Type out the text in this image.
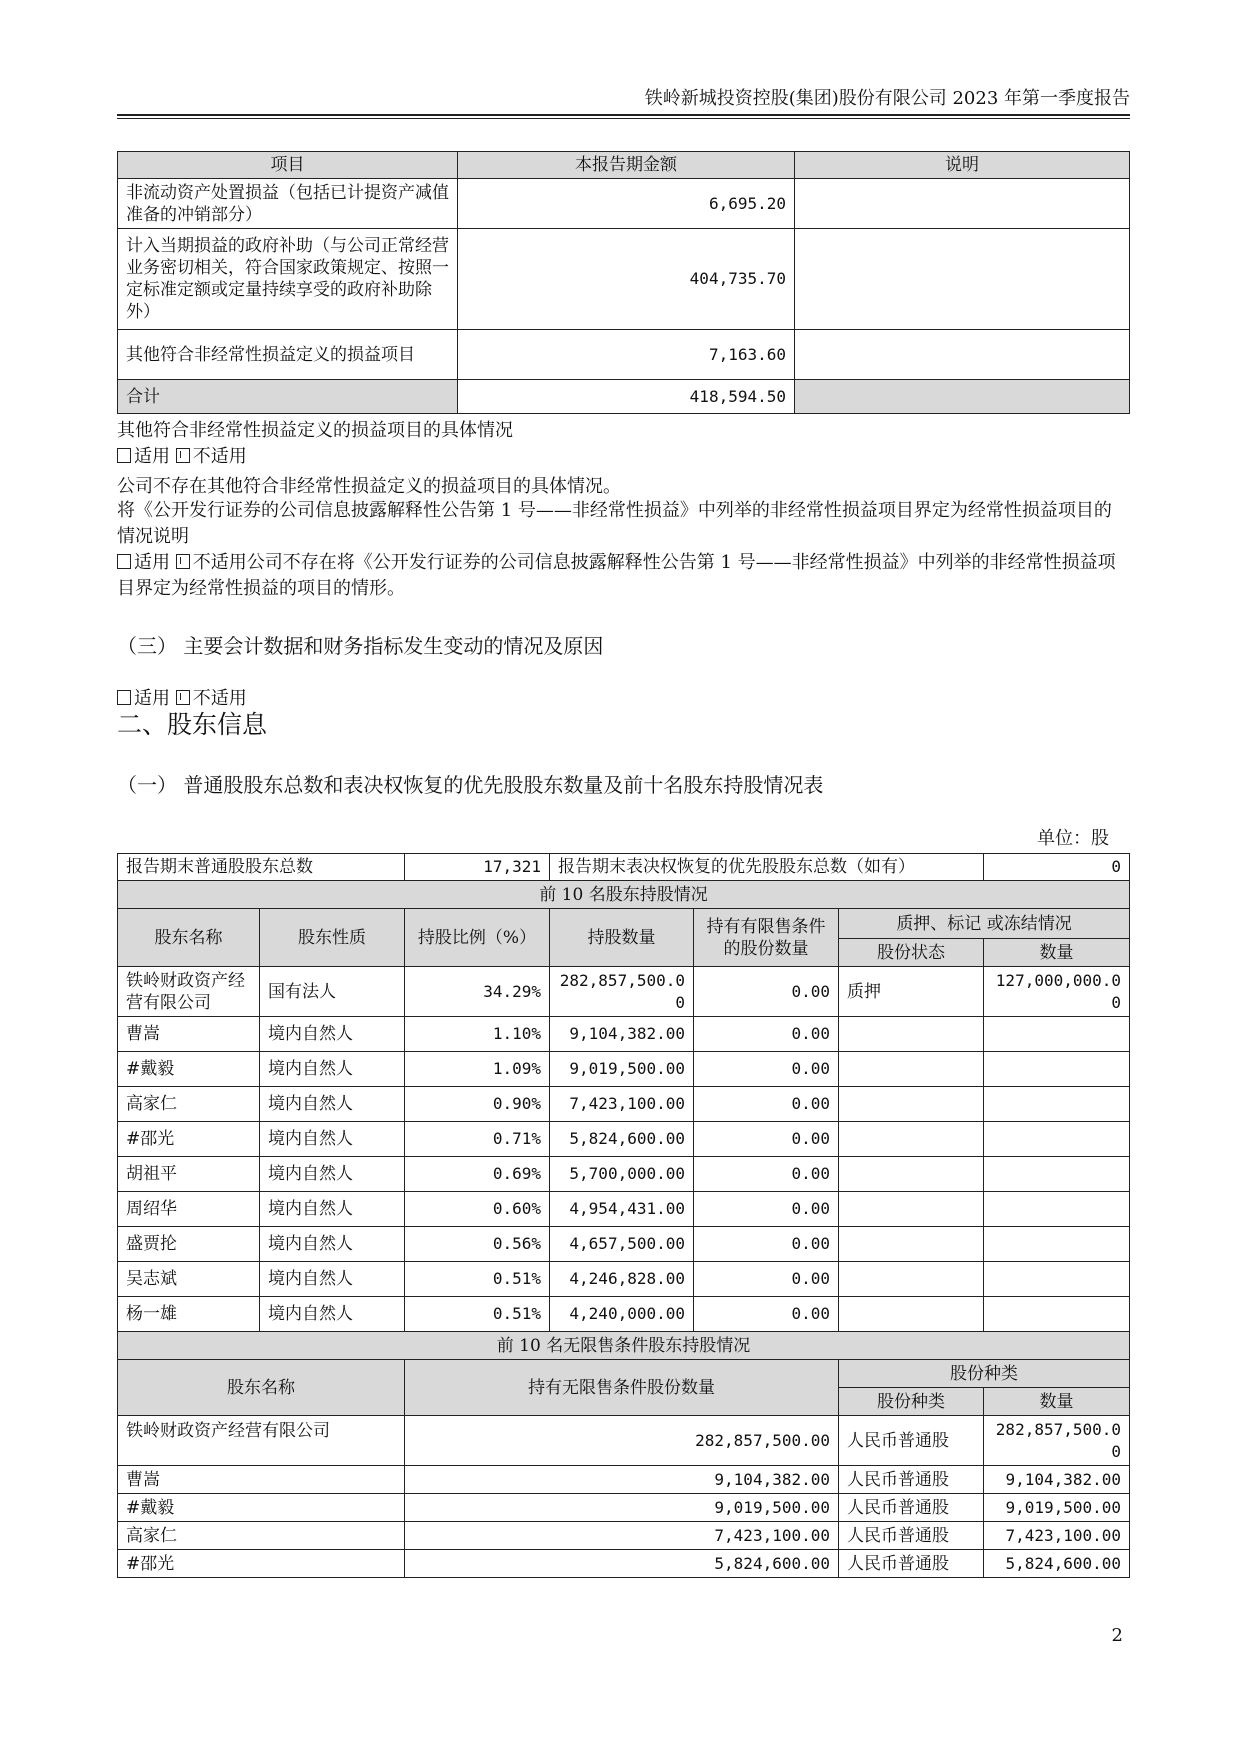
铁岭新城投资控股(集团)股份有限公司 2023 年第一季度报告
项目	本报告期金额	说明
非流动资产处置损益（包括已计提资产减值准备的冲销部分）	6,695.20	
计入当期损益的政府补助（与公司正常经营业务密切相关，符合国家政策规定、按照一定标准定额或定量持续享受的政府补助除外）	404,735.70	
其他符合非经常性损益定义的损益项目	7,163.60	
合计	418,594.50	
其他符合非经常性损益定义的损益项目的具体情况
适用 不适用
公司不存在其他符合非经常性损益定义的损益项目的具体情况。
将《公开发行证券的公司信息披露解释性公告第 1 号——非经常性损益》中列举的非经常性损益项目界定为经常性损益项目的情况说明
适用 不适用公司不存在将《公开发行证券的公司信息披露解释性公告第 1 号——非经常性损益》中列举的非经常性损益项目界定为经常性损益的项目的情形。
（三） 主要会计数据和财务指标发生变动的情况及原因
适用 不适用
二、股东信息
（一） 普通股股东总数和表决权恢复的优先股股东数量及前十名股东持股情况表
单位：股
报告期末普通股股东总数		17,321	报告期末表决权恢复的优先股股东总数（如有）			0
前 10 名股东持股情况						
股东名称	股东性质	持股比例（%）	持股数量	持有有限售条件的股份数量	质押、标记 或冻结情况	
					股份状态	数量
铁岭财政资产经营有限公司	国有法人	34.29%	282,857,500.00	0.00	质押	127,000,000.00
曹嵩	境内自然人	1.10%	9,104,382.00	0.00		
#戴毅	境内自然人	1.09%	9,019,500.00	0.00		
高家仁	境内自然人	0.90%	7,423,100.00	0.00		
#邵光	境内自然人	0.71%	5,824,600.00	0.00		
胡祖平	境内自然人	0.69%	5,700,000.00	0.00		
周绍华	境内自然人	0.60%	4,954,431.00	0.00		
盛贾抡	境内自然人	0.56%	4,657,500.00	0.00		
吴志斌	境内自然人	0.51%	4,246,828.00	0.00		
杨一雄	境内自然人	0.51%	4,240,000.00	0.00		
前 10 名无限售条件股东持股情况						
股东名称		持有无限售条件股份数量			股份种类	
					股份种类	数量
铁岭财政资产经营有限公司		282,857,500.00			人民币普通股	282,857,500.00
曹嵩		9,104,382.00			人民币普通股	9,104,382.00
#戴毅		9,019,500.00			人民币普通股	9,019,500.00
高家仁		7,423,100.00			人民币普通股	7,423,100.00
#邵光		5,824,600.00			人民币普通股	5,824,600.00
2
